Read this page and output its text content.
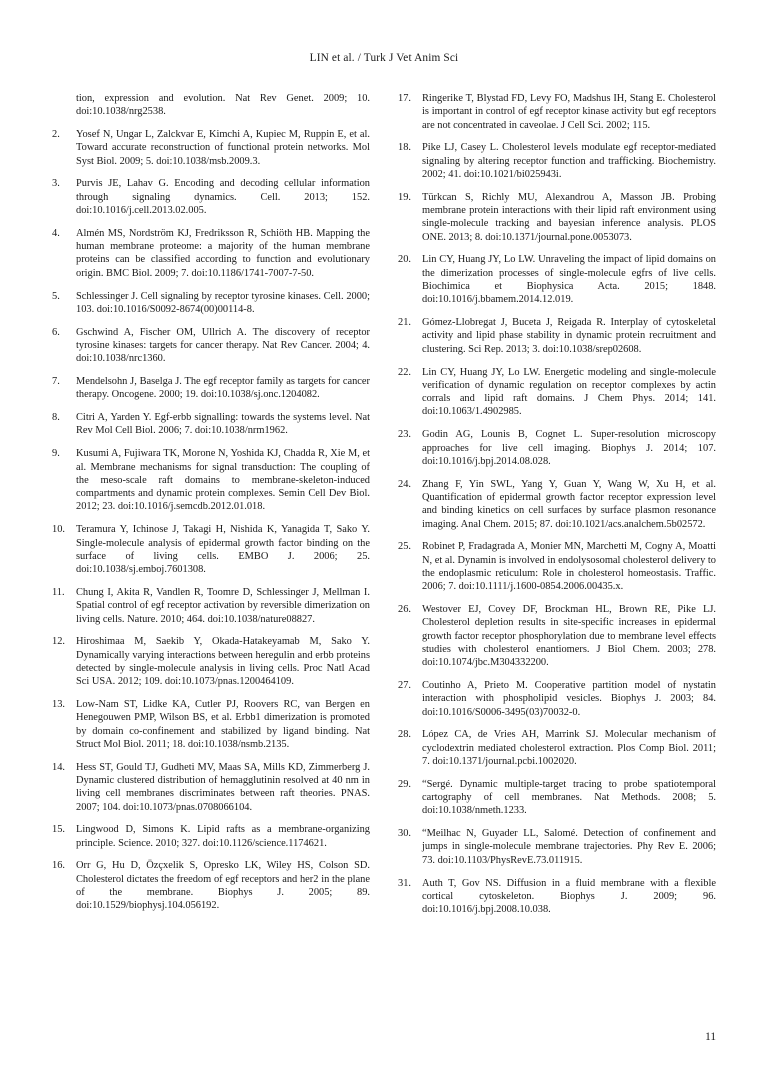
LIN et al. / Turk J Vet Anim Sci
tion, expression and evolution. Nat Rev Genet. 2009; 10. doi:10.1038/nrg2538.
2.	Yosef N, Ungar L, Zalckvar E, Kimchi A, Kupiec M, Ruppin E, et al. Toward accurate reconstruction of functional protein networks. Mol Syst Biol. 2009; 5. doi:10.1038/msb.2009.3.
3.	Purvis JE, Lahav G. Encoding and decoding cellular information through signaling dynamics. Cell. 2013; 152. doi:10.1016/j.cell.2013.02.005.
4.	Almén MS, Nordström KJ, Fredriksson R, Schiöth HB. Mapping the human membrane proteome: a majority of the human membrane proteins can be classified according to function and evolutionary origin. BMC Biol. 2009; 7. doi:10.1186/1741-7007-7-50.
5.	Schlessinger J. Cell signaling by receptor tyrosine kinases. Cell. 2000; 103. doi:10.1016/S0092-8674(00)00114-8.
6.	Gschwind A, Fischer OM, Ullrich A. The discovery of receptor tyrosine kinases: targets for cancer therapy. Nat Rev Cancer. 2004; 4. doi:10.1038/nrc1360.
7.	Mendelsohn J, Baselga J. The egf receptor family as targets for cancer therapy. Oncogene. 2000; 19. doi:10.1038/sj.onc.1204082.
8.	Citri A, Yarden Y. Egf-erbb signalling: towards the systems level. Nat Rev Mol Cell Biol. 2006; 7. doi:10.1038/nrm1962.
9.	Kusumi A, Fujiwara TK, Morone N, Yoshida KJ, Chadda R, Xie M, et al. Membrane mechanisms for signal transduction: The coupling of the meso-scale raft domains to membrane-skeleton-induced compartments and dynamic protein complexes. Semin Cell Dev Biol. 2012; 23. doi:10.1016/j.semcdb.2012.01.018.
10.	Teramura Y, Ichinose J, Takagi H, Nishida K, Yanagida T, Sako Y. Single-molecule analysis of epidermal growth factor binding on the surface of living cells. EMBO J. 2006; 25. doi:10.1038/sj.emboj.7601308.
11.	Chung I, Akita R, Vandlen R, Toomre D, Schlessinger J, Mellman I. Spatial control of egf receptor activation by reversible dimerization on living cells. Nature. 2010; 464. doi:10.1038/nature08827.
12.	Hiroshimaa M, Saekib Y, Okada-Hatakeyamab M, Sako Y. Dynamically varying interactions between heregulin and erbb proteins detected by single-molecule analysis in living cells. Proc Natl Acad Sci USA. 2012; 109. doi:10.1073/pnas.1200464109.
13.	Low-Nam ST, Lidke KA, Cutler PJ, Roovers RC, van Bergen en Henegouwen PMP, Wilson BS, et al. Erbb1 dimerization is promoted by domain co-confinement and stabilized by ligand binding. Nat Struct Mol Biol. 2011; 18. doi:10.1038/nsmb.2135.
14.	Hess ST, Gould TJ, Gudheti MV, Maas SA, Mills KD, Zimmerberg J. Dynamic clustered distribution of hemagglutinin resolved at 40 nm in living cell membranes discriminates between raft theories. PNAS. 2007; 104. doi:10.1073/pnas.0708066104.
15.	Lingwood D, Simons K. Lipid rafts as a membrane-organizing principle. Science. 2010; 327. doi:10.1126/science.1174621.
16.	Orr G, Hu D, Özçxelik S, Opresko LK, Wiley HS, Colson SD. Cholesterol dictates the freedom of egf receptors and her2 in the plane of the membrane. Biophys J. 2005; 89. doi:10.1529/biophysj.104.056192.
17.	Ringerike T, Blystad FD, Levy FO, Madshus IH, Stang E. Cholesterol is important in control of egf receptor kinase activity but egf receptors are not concentrated in caveolae. J Cell Sci. 2002; 115.
18.	Pike LJ, Casey L. Cholesterol levels modulate egf receptor-mediated signaling by altering receptor function and trafficking. Biochemistry. 2002; 41. doi:10.1021/bi025943i.
19.	Türkcan S, Richly MU, Alexandrou A, Masson JB. Probing membrane protein interactions with their lipid raft environment using single-molecule tracking and bayesian inference analysis. PLOS ONE. 2013; 8. doi:10.1371/journal.pone.0053073.
20.	Lin CY, Huang JY, Lo LW. Unraveling the impact of lipid domains on the dimerization processes of single-molecule egfrs of live cells. Biochimica et Biophysica Acta. 2015; 1848. doi:10.1016/j.bbamem.2014.12.019.
21.	Gómez-Llobregat J, Buceta J, Reigada R. Interplay of cytoskeletal activity and lipid phase stability in dynamic protein recruitment and clustering. Sci Rep. 2013; 3. doi:10.1038/srep02608.
22.	Lin CY, Huang JY, Lo LW. Energetic modeling and single-molecule verification of dynamic regulation on receptor complexes by actin corrals and lipid raft domains. J Chem Phys. 2014; 141. doi:10.1063/1.4902985.
23.	Godin AG, Lounis B, Cognet L. Super-resolution microscopy approaches for live cell imaging. Biophys J. 2014; 107. doi:10.1016/j.bpj.2014.08.028.
24.	Zhang F, Yin SWL, Yang Y, Guan Y, Wang W, Xu H, et al. Quantification of epidermal growth factor receptor expression level and binding kinetics on cell surfaces by surface plasmon resonance imaging. Anal Chem. 2015; 87. doi:10.1021/acs.analchem.5b02572.
25.	Robinet P, Fradagrada A, Monier MN, Marchetti M, Cogny A, Moatti N, et al. Dynamin is involved in endolysosomal cholesterol delivery to the endoplasmic reticulum: Role in cholesterol homeostasis. Traffic. 2006; 7. doi:10.1111/j.1600-0854.2006.00435.x.
26.	Westover EJ, Covey DF, Brockman HL, Brown RE, Pike LJ. Cholesterol depletion results in site-specific increases in epidermal growth factor receptor phosphorylation due to membrane level effects studies with cholesterol enantiomers. J Biol Chem. 2003; 278. doi:10.1074/jbc.M304332200.
27.	Coutinho A, Prieto M. Cooperative partition model of nystatin interaction with phospholipid vesicles. Biophys J. 2003; 84. doi:10.1016/S0006-3495(03)70032-0.
28.	López CA, de Vries AH, Marrink SJ. Molecular mechanism of cyclodextrin mediated cholesterol extraction. Plos Comp Biol. 2011; 7. doi:10.1371/journal.pcbi.1002020.
29.	“Sergé. Dynamic multiple-target tracing to probe spatiotemporal cartography of cell membranes. Nat Methods. 2008; 5. doi:10.1038/nmeth.1233.
30.	“Meilhac N, Guyader LL, Salomé. Detection of confinement and jumps in single-molecule membrane trajectories. Phy Rev E. 2006; 73. doi:10.1103/PhysRevE.73.011915.
31.	Auth T, Gov NS. Diffusion in a fluid membrane with a flexible cortical cytoskeleton. Biophys J. 2009; 96. doi:10.1016/j.bpj.2008.10.038.
11
